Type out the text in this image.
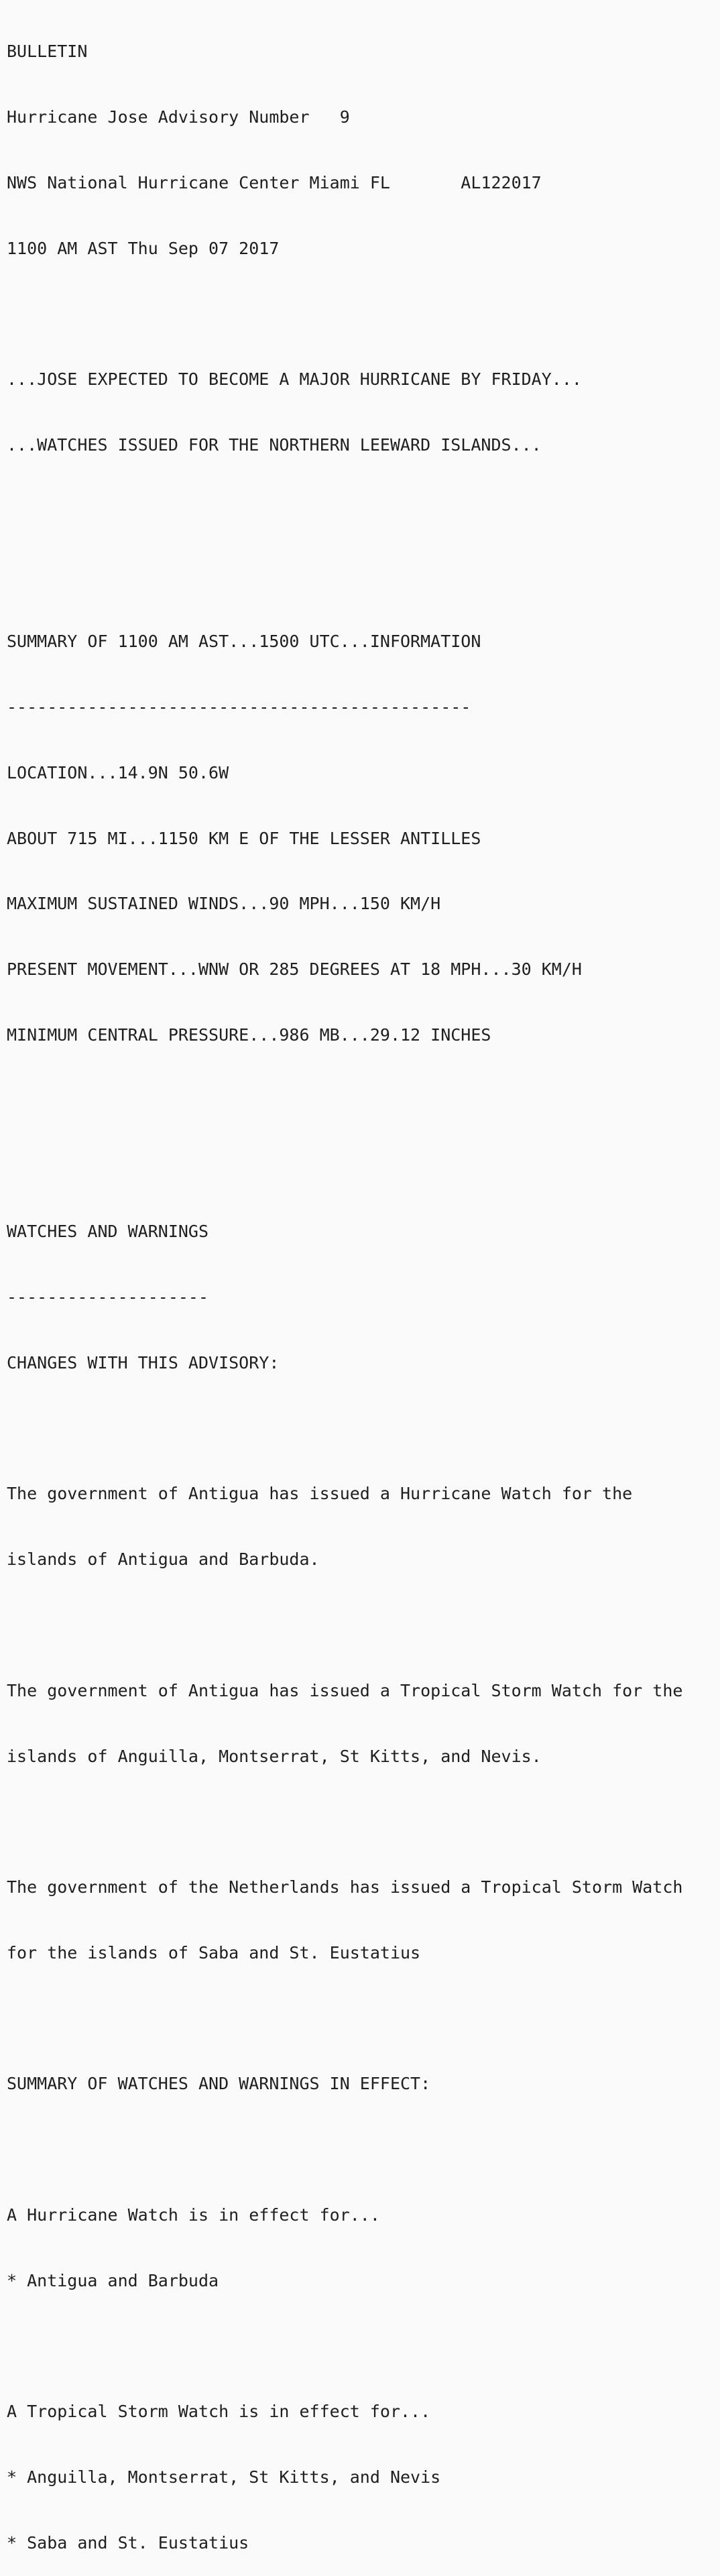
BULLETIN

Hurricane Jose Advisory Number   9

NWS National Hurricane Center Miami FL       AL122017

1100 AM AST Thu Sep 07 2017

...JOSE EXPECTED TO BECOME A MAJOR HURRICANE BY FRIDAY...

...WATCHES ISSUED FOR THE NORTHERN LEEWARD ISLANDS...

SUMMARY OF 1100 AM AST...1500 UTC...INFORMATION

----------------------------------------------

LOCATION...14.9N 50.6W

ABOUT 715 MI...1150 KM E OF THE LESSER ANTILLES

MAXIMUM SUSTAINED WINDS...90 MPH...150 KM/H

PRESENT MOVEMENT...WNW OR 285 DEGREES AT 18 MPH...30 KM/H

MINIMUM CENTRAL PRESSURE...986 MB...29.12 INCHES

WATCHES AND WARNINGS

--------------------

CHANGES WITH THIS ADVISORY:

The government of Antigua has issued a Hurricane Watch for the

islands of Antigua and Barbuda.

The government of Antigua has issued a Tropical Storm Watch for the

islands of Anguilla, Montserrat, St Kitts, and Nevis.

The government of the Netherlands has issued a Tropical Storm Watch

for the islands of Saba and St. Eustatius

SUMMARY OF WATCHES AND WARNINGS IN EFFECT:

A Hurricane Watch is in effect for...

* Antigua and Barbuda

A Tropical Storm Watch is in effect for...

* Anguilla, Montserrat, St Kitts, and Nevis

* Saba and St. Eustatius
